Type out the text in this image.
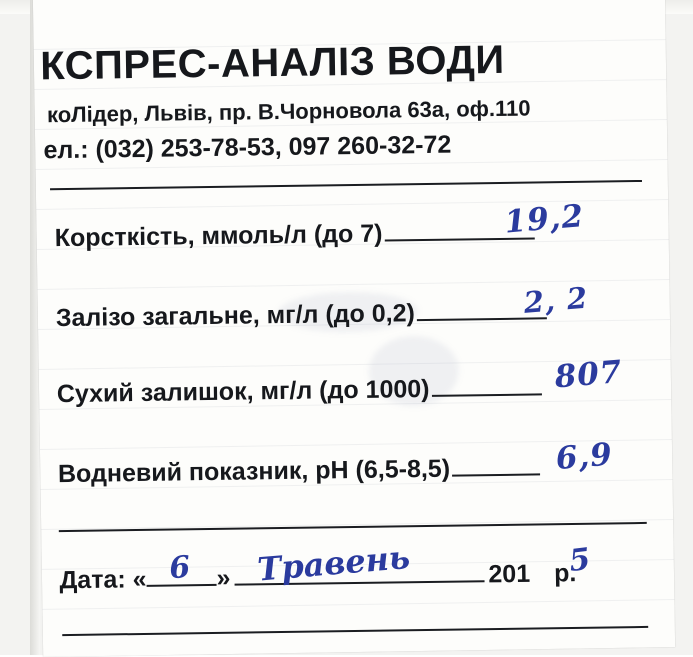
КСПРЕС-АНАЛІЗ ВОДИ
коЛідер, Львів, пр. В.Чорновола 63а, оф.110
ел.: (032) 253-78-53, 097 260-32-72
Корсткість, ммоль/л (до 7)	19,2
Залізо загальне, мг/л (до 0,2)	2, 2
Сухий залишок, мг/л (до 1000)	807
Водневий показник, рН (6,5-8,5)	6,9
Дата: «	»	201 р.
6 Травень	5
